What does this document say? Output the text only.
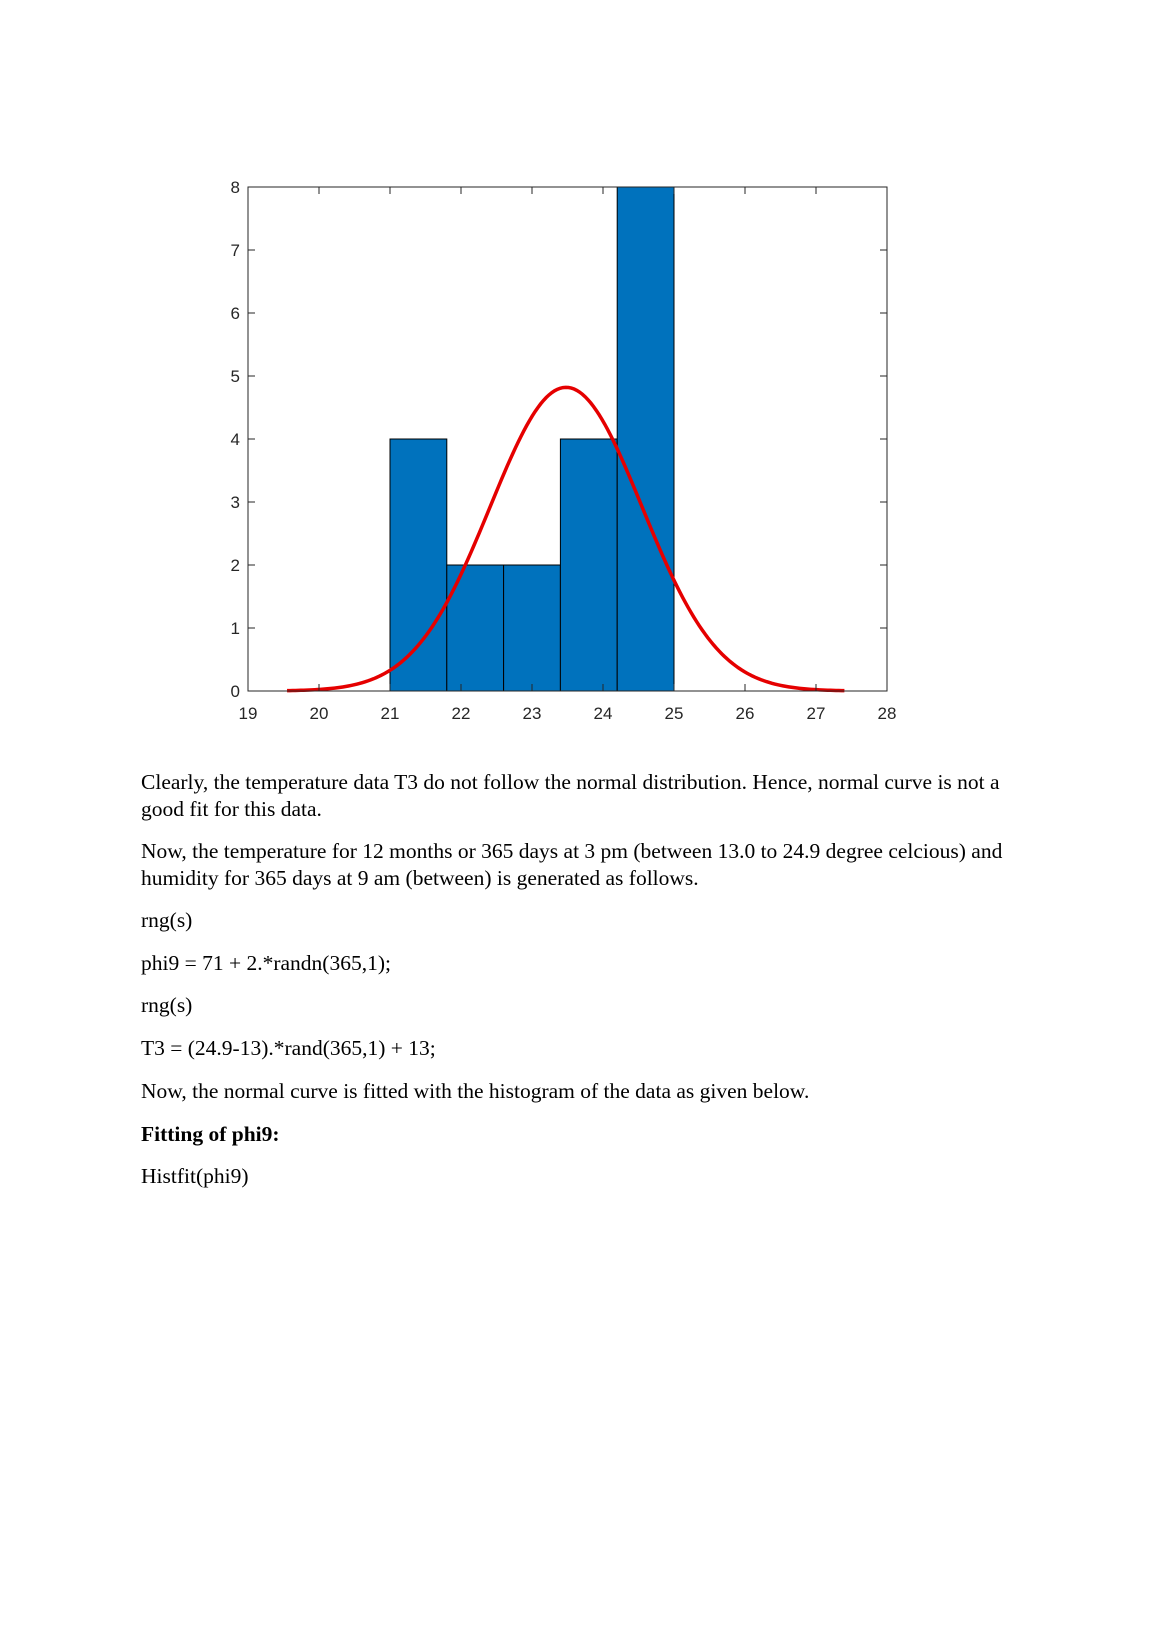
19	20	21	22	23	24	25	26	27	28
0
1
2
3
4
5
6
7
8

Clearly, the temperature data T3 do not follow the normal distribution. Hence, normal curve is not a good fit for this data.

Now, the temperature for 12 months or 365 days at 3 pm (between 13.0 to 24.9 degree celcious) and humidity for 365 days at 9 am (between) is generated as follows.

rng(s)

phi9 = 71 + 2.*randn(365,1);

rng(s)

T3 = (24.9-13).*rand(365,1) + 13;

Now, the normal curve is fitted with the histogram of the data as given below.

Fitting of phi9:

Histfit(phi9)
